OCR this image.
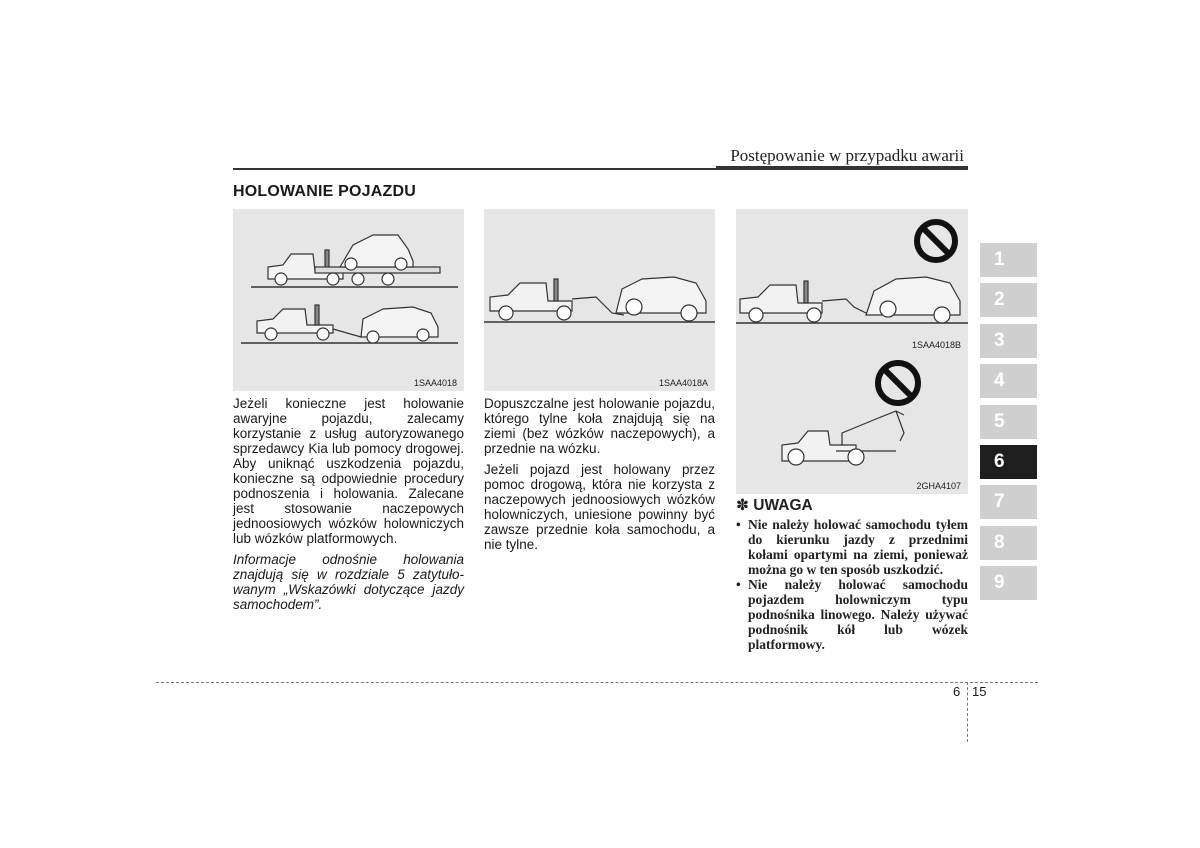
Postępowanie w przypadku awarii
HOLOWANIE POJAZDU
1SAA4018	1SAA4018A
1SAA4018B
2GHA4107

Jeżeli konieczne jest holowanie awaryjne pojazdu, zalecamy korzystanie z usług autoryzowanego sprzedawcy Kia lub pomocy drogowej. Aby uniknąć uszkodzenia pojazdu, konieczne są odpowiednie procedury podnoszenia i holowania. Zalecane jest stosowanie naczepowych jednoosiowych wózków holowniczych lub wózków platformowych.

Informacje odnośnie holowania znajdują się w rozdziale 5 zatytułowanym „Wskazówki dotyczące jazdy samochodem”.

Dopuszczalne jest holowanie pojazdu, którego tylne koła znajdują się na ziemi (bez wózków naczepowych), a przednie na wózku.

Jeżeli pojazd jest holowany przez pomoc drogową, która nie korzysta z naczepowych jednoosiowych wózków holowniczych, uniesione powinny być zawsze przednie koła samochodu, a nie tylne.

✽ UWAGA
• Nie należy holować samochodu tyłem do kierunku jazdy z przednimi kołami opartymi na ziemi, ponieważ można go w ten sposób uszkodzić.
• Nie należy holować samochodu pojazdem holowniczym typu podnośnika linowego. Należy używać podnośnik kół lub wózek platformowy.
1
2
3
4
5
6
7
8
9
6 15
